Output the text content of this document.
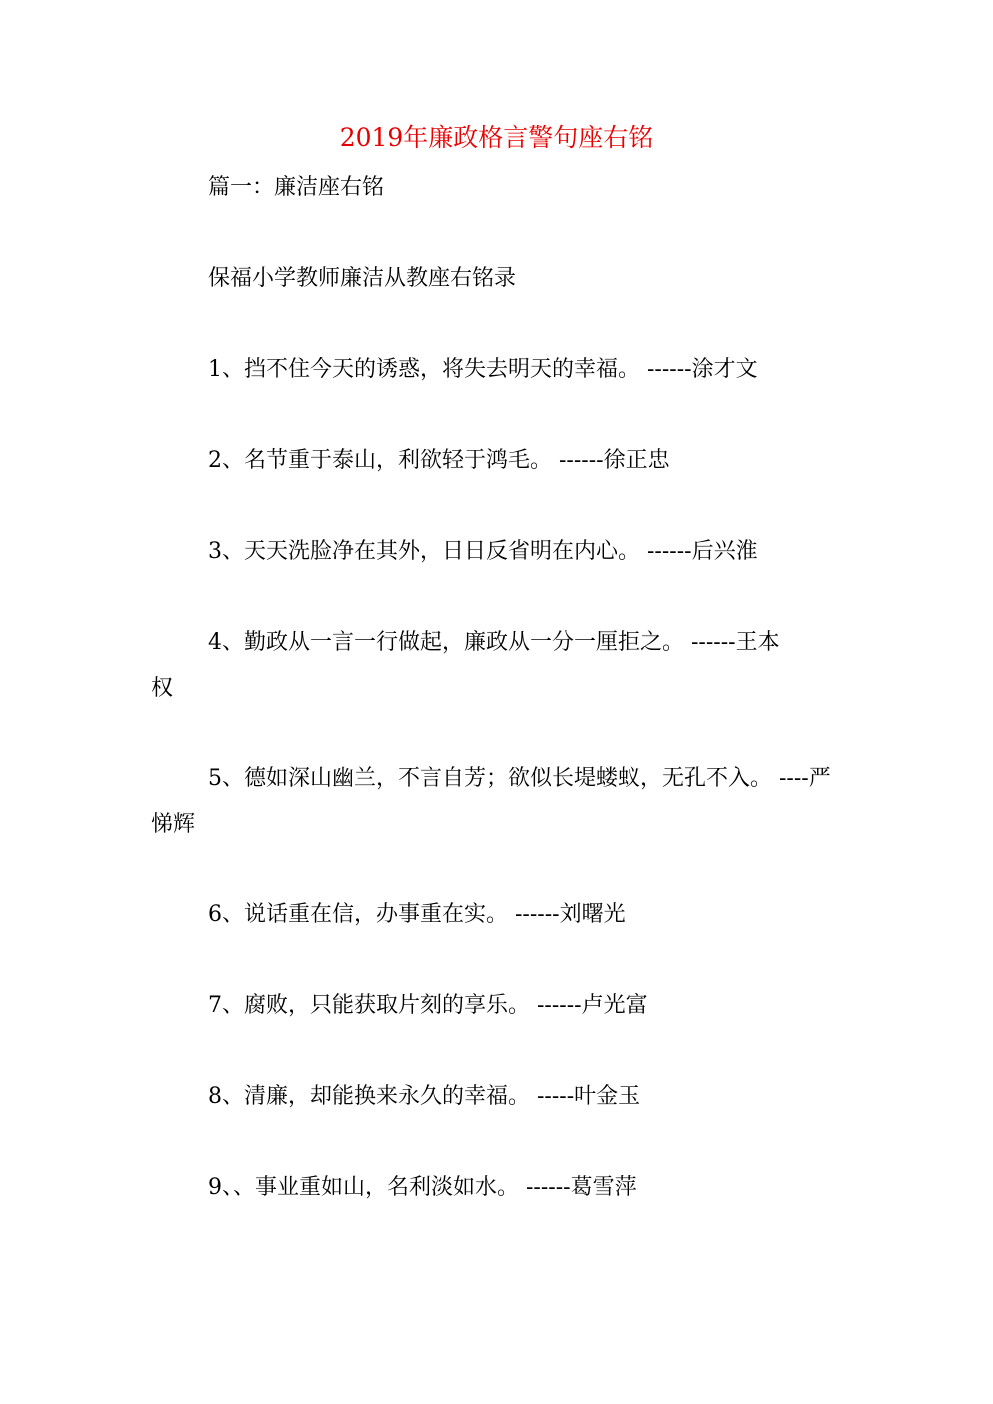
2019年廉政格言警句座右铭
篇一：廉洁座右铭
保福小学教师廉洁从教座右铭录
1、挡不住今天的诱惑，将失去明天的幸福。 ------涂才文
2、名节重于泰山，利欲轻于鸿毛。 ------徐正忠
3、天天洗脸净在其外，日日反省明在内心。 ------后兴淮
4、勤政从一言一行做起，廉政从一分一厘拒之。 ------王本权
5、德如深山幽兰，不言自芳；欲似长堤蝼蚁，无孔不入。 ----严悌辉
6、说话重在信，办事重在实。 ------刘曙光
7、腐败，只能获取片刻的享乐。 ------卢光富
8、清廉，却能换来永久的幸福。 -----叶金玉
9、、事业重如山，名利淡如水。 ------葛雪萍
